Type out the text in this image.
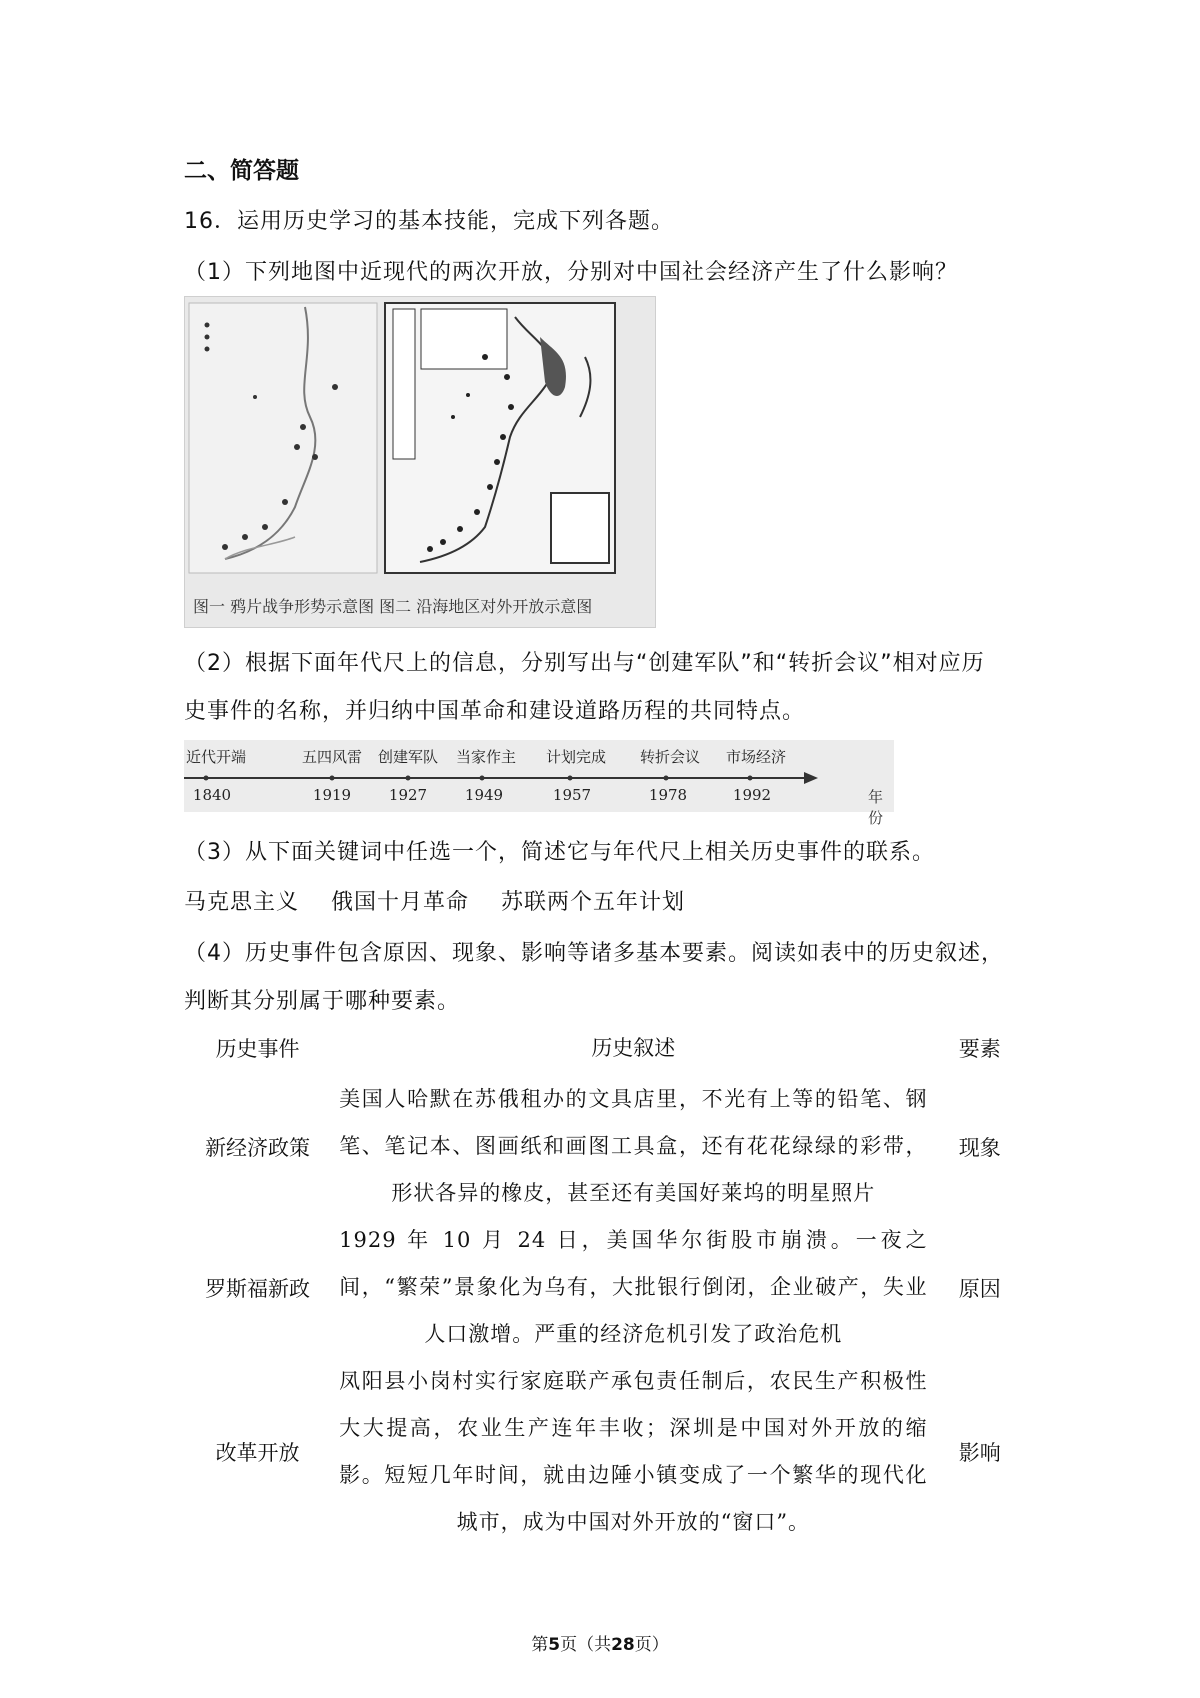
二、简答题
16．运用历史学习的基本技能，完成下列各题。
（1）下列地图中近现代的两次开放，分别对中国社会经济产生了什么影响？
图一 鸦片战争形势示意图 图二 沿海地区对外开放示意图
（2）根据下面年代尺上的信息，分别写出与“创建军队”和“转折会议”相对应历
史事件的名称，并归纳中国革命和建设道路历程的共同特点。
近代开端	五四风雷 创建军队 当家作主 计划完成 转折会议 市场经济
1840	1919	1927	1949	1957	1978	1992	年份
（3）从下面关键词中任选一个，简述它与年代尺上相关历史事件的联系。
马克思主义    俄国十月革命    苏联两个五年计划
（4）历史事件包含原因、现象、影响等诸多基本要素。阅读如表中的历史叙述，
判断其分别属于哪种要素。
历史事件	历史叙述	要素
新经济政策	美国人哈默在苏俄租办的文具店里，不光有上等的铅笔、钢笔、笔记本、图画纸和画图工具盒，还有花花绿绿的彩带，形状各异的橡皮，甚至还有美国好莱坞的明星照片	现象
罗斯福新政	1929 年 10 月 24 日，美国华尔街股市崩溃。一夜之间，“繁荣”景象化为乌有，大批银行倒闭，企业破产，失业人口激增。严重的经济危机引发了政治危机	原因
改革开放	凤阳县小岗村实行家庭联产承包责任制后，农民生产积极性大大提高，农业生产连年丰收；深圳是中国对外开放的缩影。短短几年时间，就由边陲小镇变成了一个繁华的现代化城市，成为中国对外开放的“窗口”。	影响
第5页（共28页）
